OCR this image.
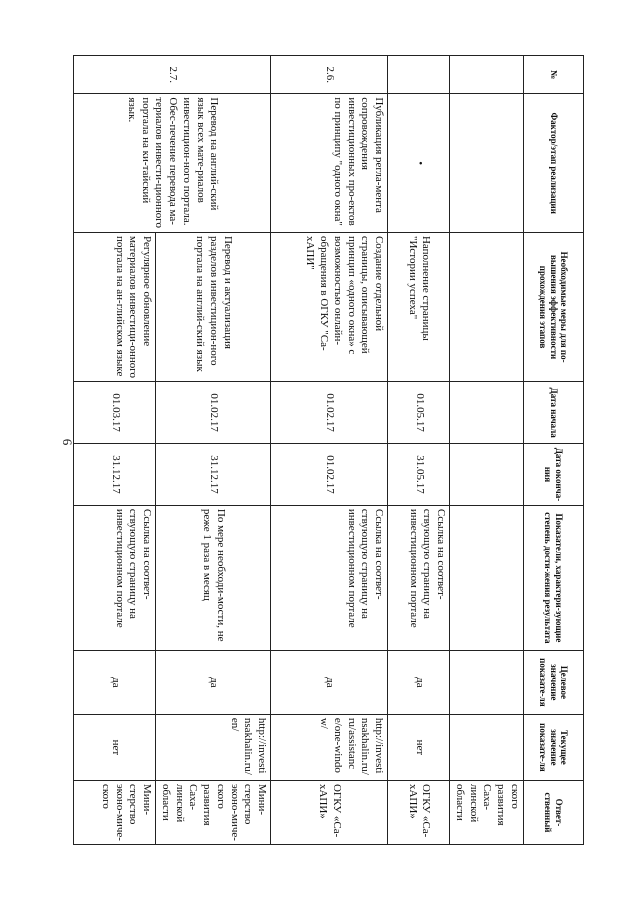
6
№	Фактор/этап реализации	Необходимые меры для по-вышения эффективности прохождения этапов	Дата начала	Дата оконча-ния	Показатели, характери-зующие степень дости-жения результата	Целевое значение показате-ля	Текущее значение показате-ля	Ответ-ственный
								ского развития Саха-линской области
	•	Наполнение страницы "Истории успеха"	01.05.17	31.05.17	Ссылка на соответ-ствующую страницу на инвестиционном портале	да	нет	ОГКУ «Са-хАПИ»
2.6.	Публикация регла-мента сопровождения инвестиционных про-ектов по принципу "одного окна"	Создание отдельной страницы, описывающей принцип «одного окна» с возможностью онлайн-обращения в ОГКУ "Са-хАПИ"	01.02.17	01.02.17	Ссылка на соответ-ствующую страницу на инвестиционном портале	да	http://investinsakhalin.ru/ru/assistance/one-window/	ОГКУ «Са-хАПИ»
2.7.	Перевод на англий-ский язык всех мате-риалов инвестицион-ного портала. Обес-печение перевода ма-териалов инвести-ционного портала на ки-тайский язык.	Перевод и актуализация разделов инвестицион-ного портала на англий-ский язык	01.02.17	31.12.17	По мере необходи-мости, не реже 1 раза в месяц	да	http://investinsakhalin.ru/en/	Мини-стерство эконо-миче-ского развития Саха-линской области
		Регулярное обновление материалов инвестици-онного портала на ан-глийском языке	01.03.17	31.12.17	Ссылка на соответ-ствующую страницу на инвестиционном портале	да	нет	Мини-стерство эконо-миче-ского
